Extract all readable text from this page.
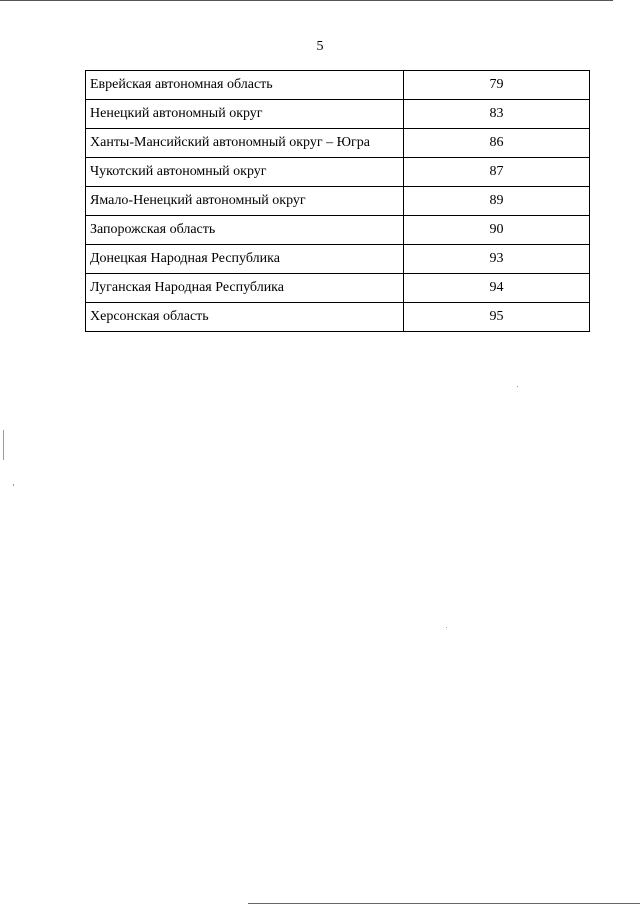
5
Еврейская автономная область	79
Ненецкий автономный округ	83
Ханты-Мансийский автономный округ – Югра	86
Чукотский автономный округ	87
Ямало-Ненецкий автономный округ	89
Запорожская область	90
Донецкая Народная Республика	93
Луганская Народная Республика	94
Херсонская область	95
